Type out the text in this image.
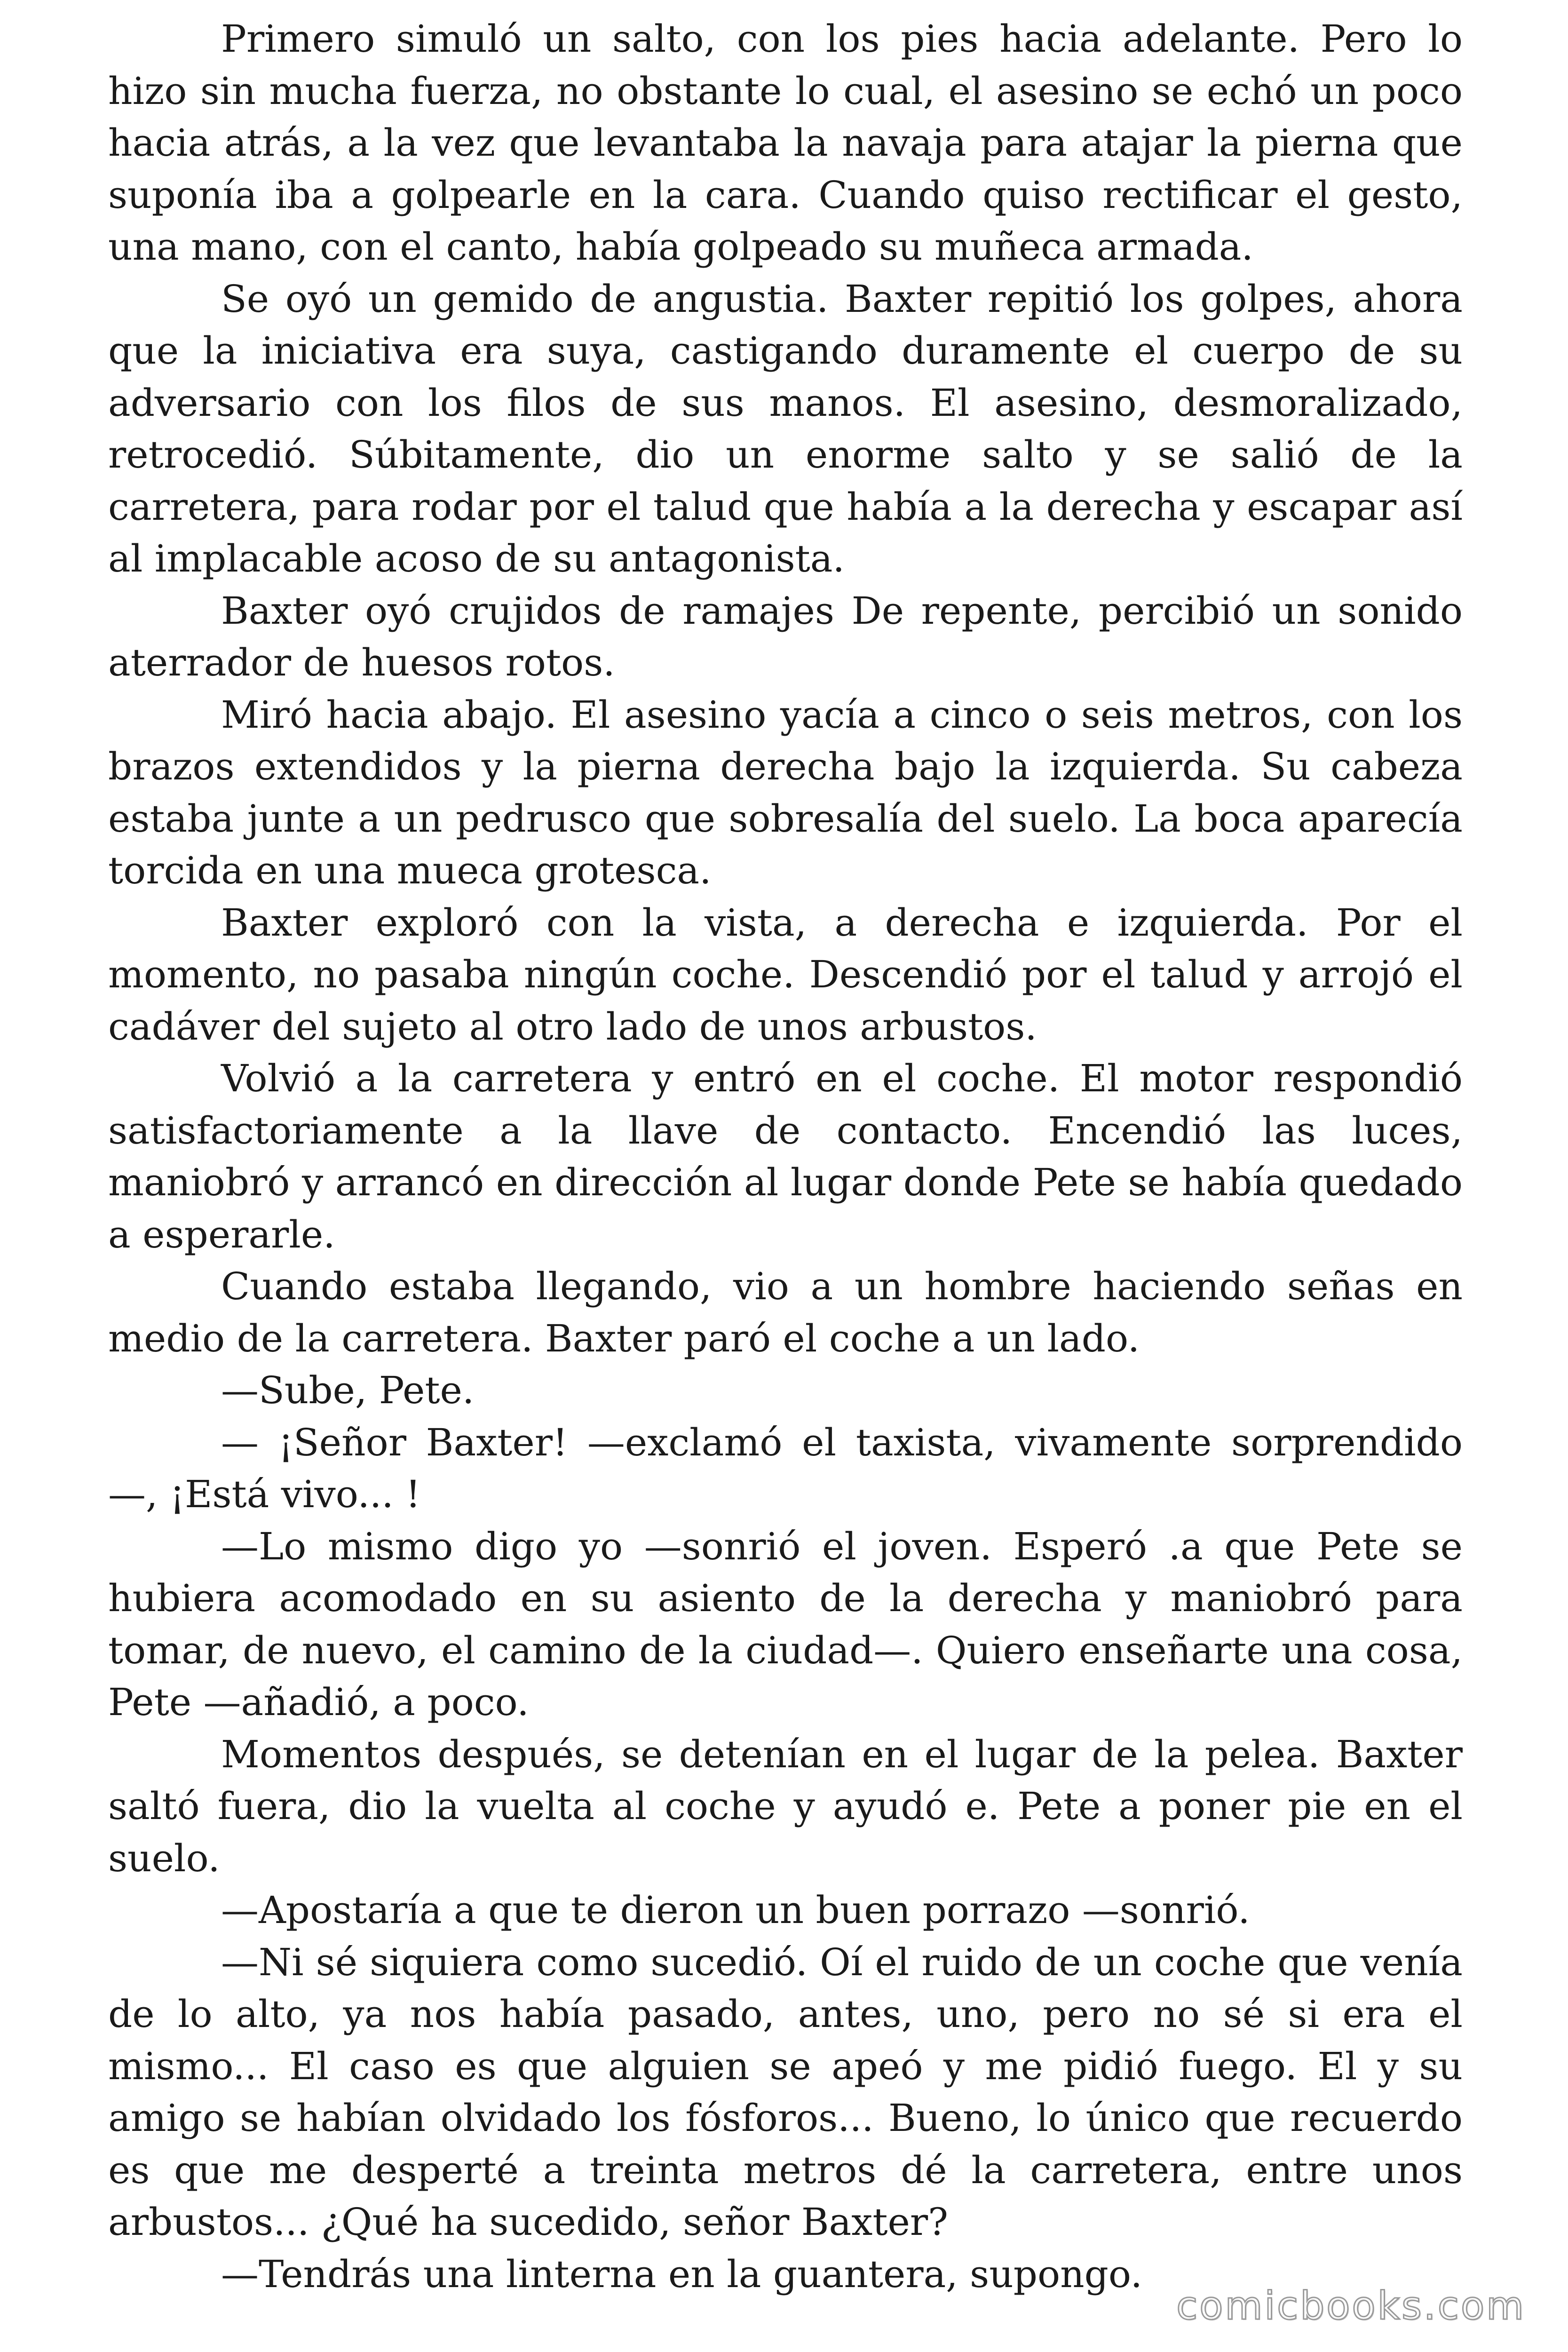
Primero simuló un salto, con los pies hacia adelante. Pero lo hizo sin mucha fuerza, no obstante lo cual, el asesino se echó un poco hacia atrás, a la vez que levantaba la navaja para atajar la pierna que suponía iba a golpearle en la cara. Cuando quiso rectificar el gesto, una mano, con el canto, había golpeado su muñeca armada.

Se oyó un gemido de angustia. Baxter repitió los golpes, ahora que la iniciativa era suya, castigando duramente el cuerpo de su adversario con los filos de sus manos. El asesino, desmoralizado, retrocedió. Súbitamente, dio un enorme salto y se salió de la carretera, para rodar por el talud que había a la derecha y escapar así al implacable acoso de su antagonista.

Baxter oyó crujidos de ramajes De repente, percibió un sonido aterrador de huesos rotos.

Miró hacia abajo. El asesino yacía a cinco o seis metros, con los brazos extendidos y la pierna derecha bajo la izquierda. Su cabeza estaba junte a un pedrusco que sobresalía del suelo. La boca aparecía torcida en una mueca grotesca.

Baxter exploró con la vista, a derecha e izquierda. Por el momento, no pasaba ningún coche. Descendió por el talud y arrojó el cadáver del sujeto al otro lado de unos arbustos.

Volvió a la carretera y entró en el coche. El motor respondió satisfactoriamente a la llave de contacto. Encendió las luces, maniobró y arrancó en dirección al lugar donde Pete se había quedado a esperarle.

Cuando estaba llegando, vio a un hombre haciendo señas en medio de la carretera. Baxter paró el coche a un lado.

—Sube, Pete.

— ¡Señor Baxter! —exclamó el taxista, vivamente sorprendido —, ¡Está vivo... !

—Lo mismo digo yo —sonrió el joven. Esperó .a que Pete se hubiera acomodado en su asiento de la derecha y maniobró para tomar, de nuevo, el camino de la ciudad—. Quiero enseñarte una cosa, Pete —añadió, a poco.

Momentos después, se detenían en el lugar de la pelea. Baxter saltó fuera, dio la vuelta al coche y ayudó e. Pete a poner pie en el suelo.

—Apostaría a que te dieron un buen porrazo —sonrió.

—Ni sé siquiera como sucedió. Oí el ruido de un coche que venía de lo alto, ya nos había pasado, antes, uno, pero no sé si era el mismo... El caso es que alguien se apeó y me pidió fuego. El y su amigo se habían olvidado los fósforos... Bueno, lo único que recuerdo es que me desperté a treinta metros dé la carretera, entre unos arbustos... ¿Qué ha sucedido, señor Baxter?

—Tendrás una linterna en la guantera, supongo.

comicbooks.com
